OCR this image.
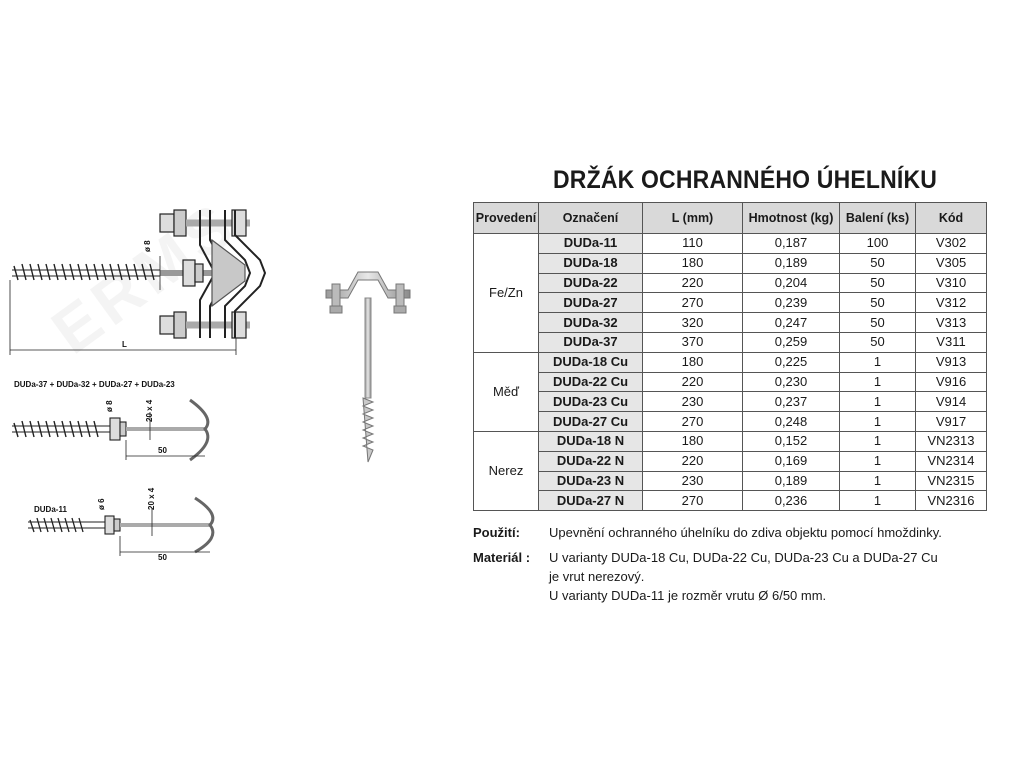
L
ø 8
DUDa-37 + DUDa-32 + DUDa-27 + DUDa-23
ø 8	20 x 4
50
DUDa-11	ø 6	20 x 4
50
DRŽÁK OCHRANNÉHO ÚHELNÍKU
Provedení	Označení	L (mm)	Hmotnost (kg)	Balení (ks)	Kód
Fe/Zn	DUDa-11	110	0,187	100	V302
	DUDa-18	180	0,189	50	V305
	DUDa-22	220	0,204	50	V310
	DUDa-27	270	0,239	50	V312
	DUDa-32	320	0,247	50	V313
	DUDa-37	370	0,259	50	V311
Měď	DUDa-18 Cu	180	0,225	1	V913
	DUDa-22 Cu	220	0,230	1	V916
	DUDa-23 Cu	230	0,237	1	V914
	DUDa-27 Cu	270	0,248	1	V917
Nerez	DUDa-18 N	180	0,152	1	VN2313
	DUDa-22 N	220	0,169	1	VN2314
	DUDa-23 N	230	0,189	1	VN2315
	DUDa-27 N	270	0,236	1	VN2316
Použití:	Upevnění ochranného úhelníku do zdiva objektu pomocí hmoždinky.
Materiál :	U varianty DUDa-18 Cu, DUDa-22 Cu, DUDa-23 Cu a DUDa-27 Cu
je vrut nerezový.
U varianty DUDa-11 je rozměr vrutu Ø 6/50 mm.
